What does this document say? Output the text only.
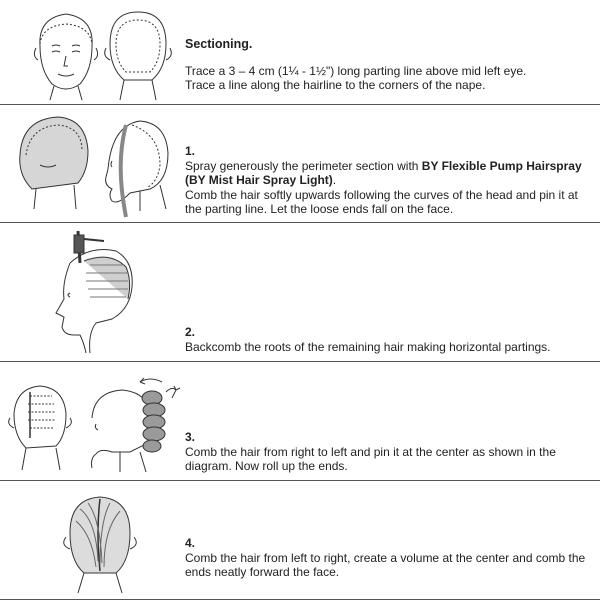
Sectioning.

Trace a 3 – 4 cm (1¼ - 1½") long parting line above mid left eye.

Trace a line along the hairline to the corners of the nape.

1.

Spray generously the perimeter section with BY Flexible Pump Hairspray (BY Mist Hair Spray Light).

Comb the hair softly upwards following the curves of the head and pin it at the parting line. Let the loose ends fall on the face.

2.

Backcomb the roots of the remaining hair making horizontal partings.

3.

Comb the hair from right to left and pin it at the center as shown in the diagram. Now roll up the ends.

4.

Comb the hair from left to right, create a volume at the center and comb the ends neatly forward the face.
